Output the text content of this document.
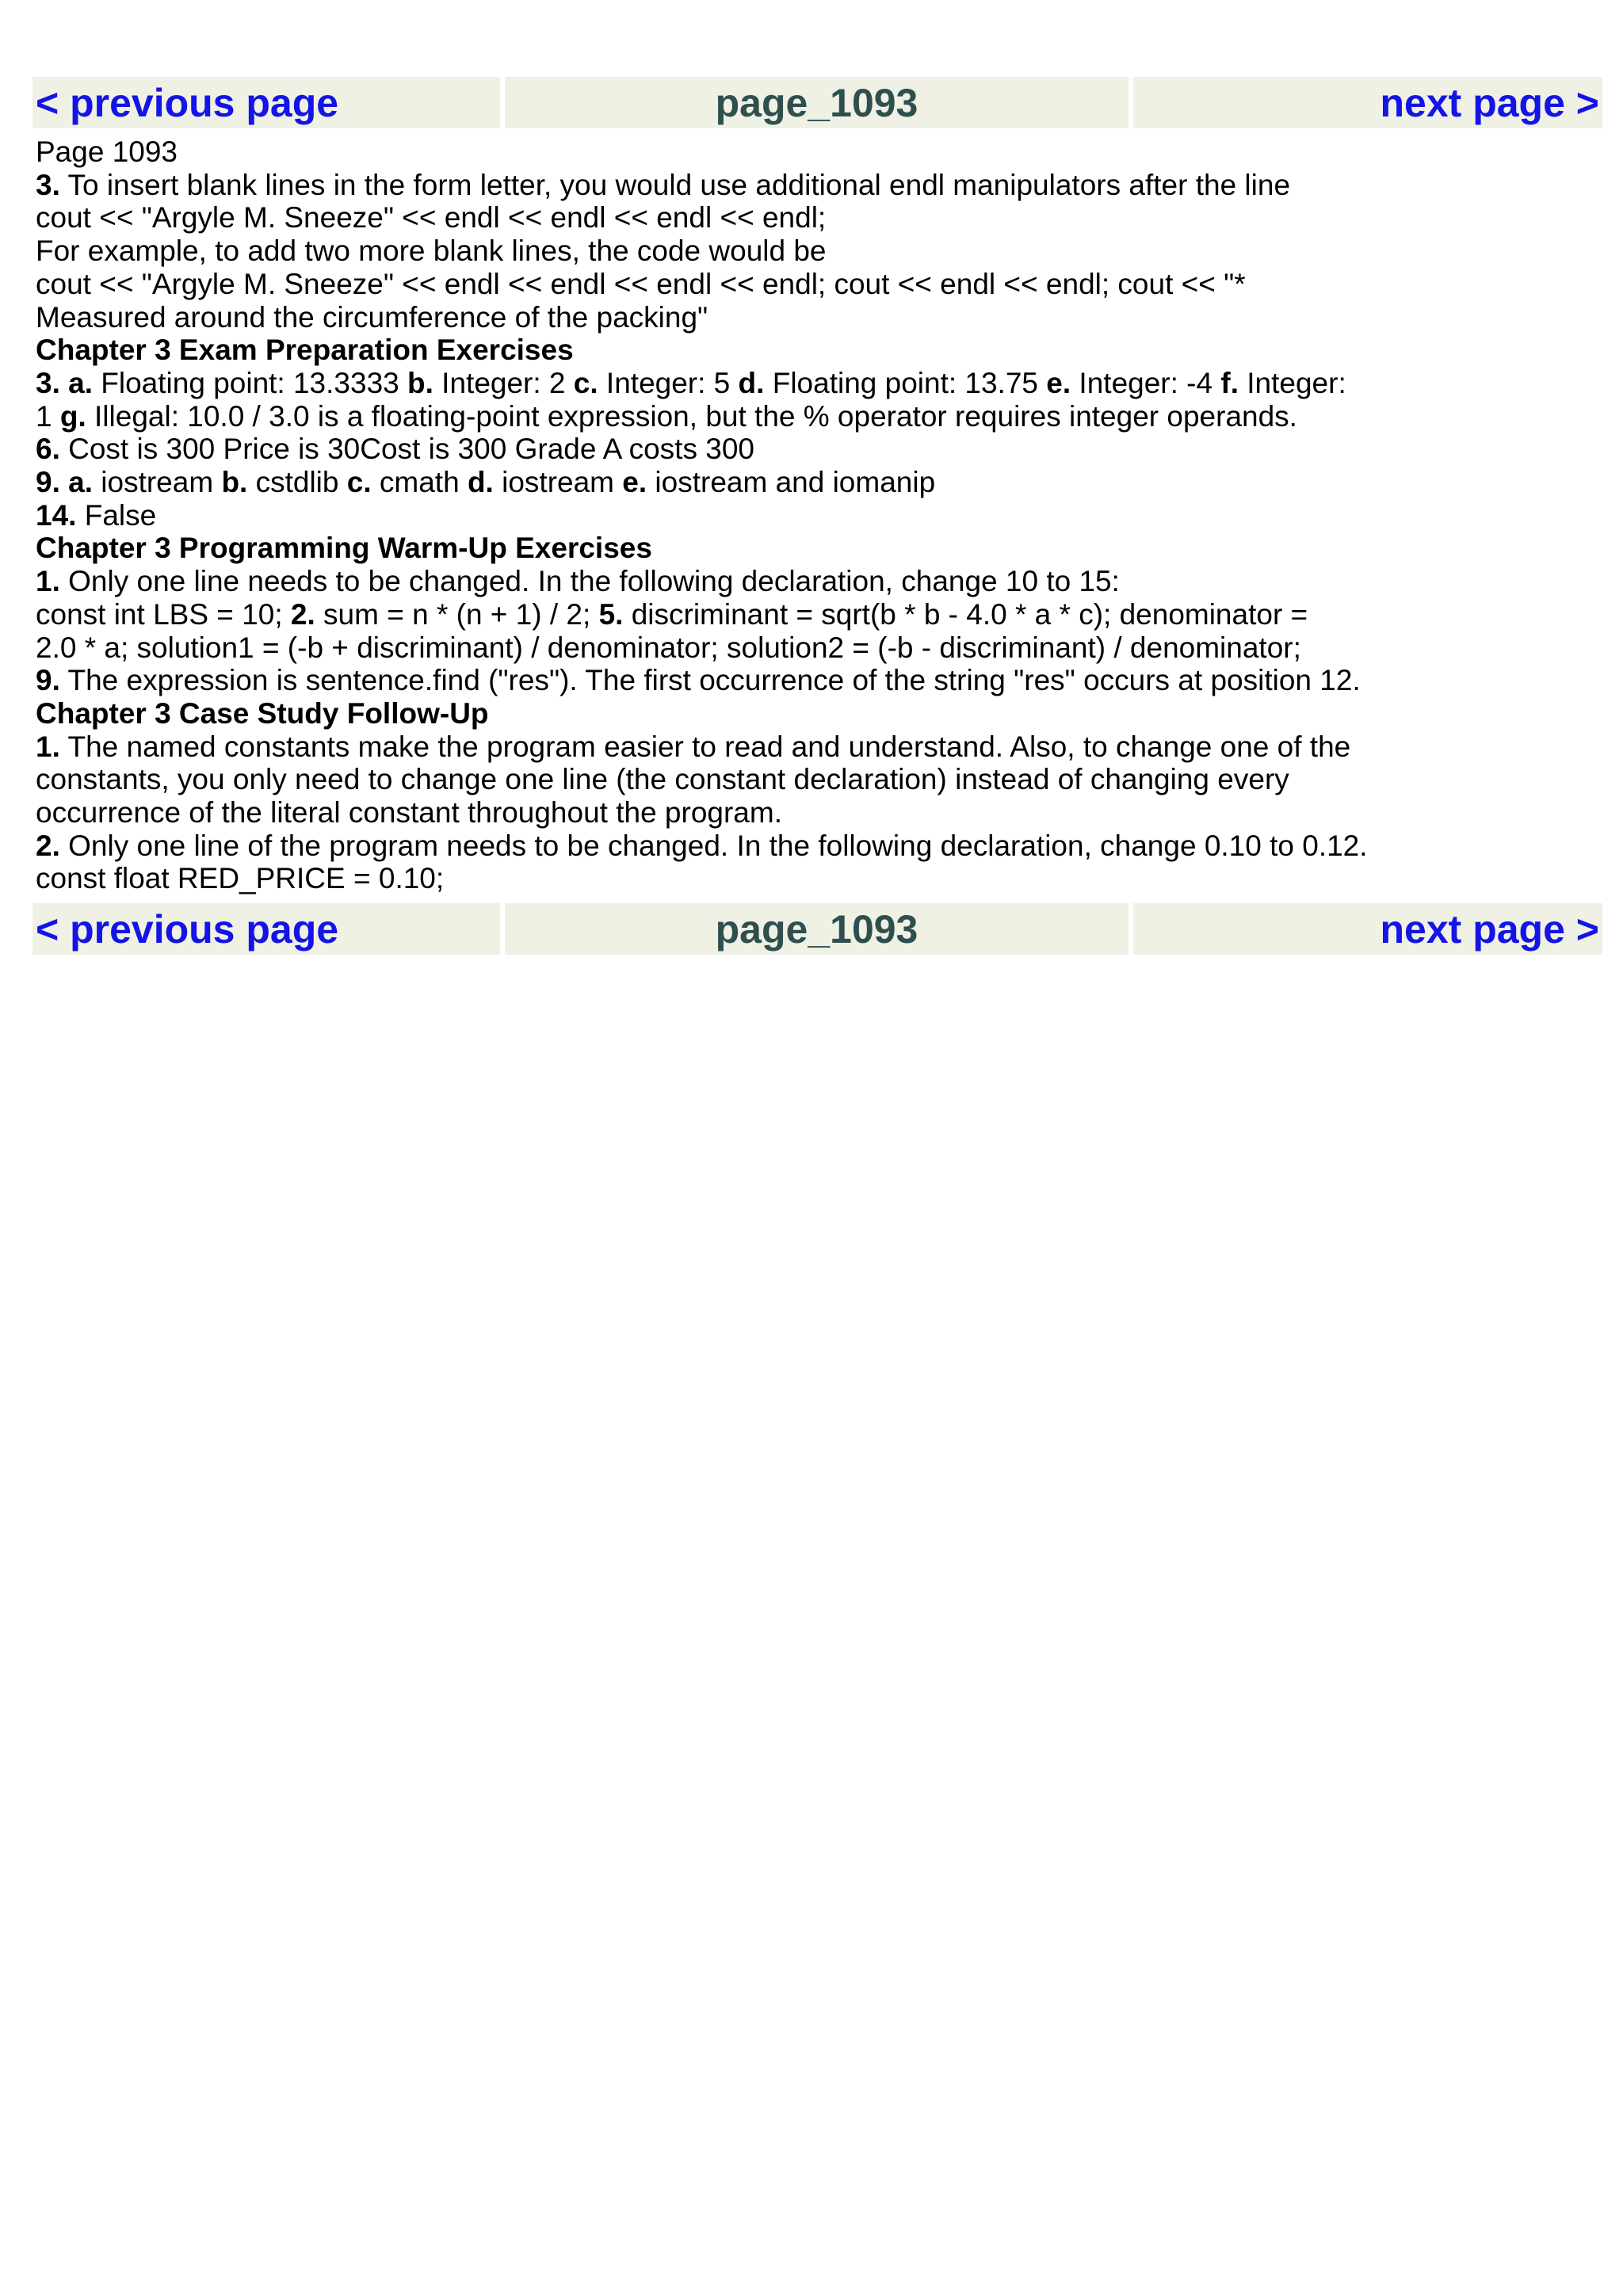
< previous page	page_1093	next page >
Page 1093
3. To insert blank lines in the form letter, you would use additional endl manipulators after the line
cout << "Argyle M. Sneeze" << endl << endl << endl << endl;
For example, to add two more blank lines, the code would be
cout << "Argyle M. Sneeze" << endl << endl << endl << endl; cout << endl << endl; cout << "*
Measured around the circumference of the packing"
Chapter 3 Exam Preparation Exercises
3. a. Floating point: 13.3333 b. Integer: 2 c. Integer: 5 d. Floating point: 13.75 e. Integer: -4 f. Integer:
1 g. Illegal: 10.0 / 3.0 is a floating-point expression, but the % operator requires integer operands.
6. Cost is 300 Price is 30Cost is 300 Grade A costs 300
9. a. iostream b. cstdlib c. cmath d. iostream e. iostream and iomanip
14. False
Chapter 3 Programming Warm-Up Exercises
1. Only one line needs to be changed. In the following declaration, change 10 to 15:
const int LBS = 10; 2. sum = n * (n + 1) / 2; 5. discriminant = sqrt(b * b - 4.0 * a * c); denominator =
2.0 * a; solution1 = (-b + discriminant) / denominator; solution2 = (-b - discriminant) / denominator;
9. The expression is sentence.find ("res"). The first occurrence of the string "res" occurs at position 12.
Chapter 3 Case Study Follow-Up
1. The named constants make the program easier to read and understand. Also, to change one of the
constants, you only need to change one line (the constant declaration) instead of changing every
occurrence of the literal constant throughout the program.
2. Only one line of the program needs to be changed. In the following declaration, change 0.10 to 0.12.
const float RED_PRICE = 0.10;
< previous page	page_1093	next page >
